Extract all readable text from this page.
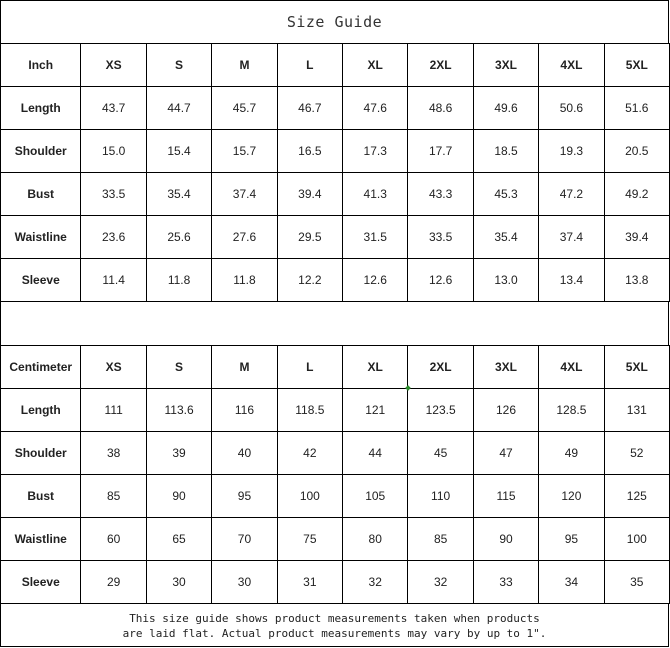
Size Guide
Inch	XS	S	M	L	XL	2XL	3XL	4XL	5XL
Length	43.7	44.7	45.7	46.7	47.6	48.6	49.6	50.6	51.6
Shoulder	15.0	15.4	15.7	16.5	17.3	17.7	18.5	19.3	20.5
Bust	33.5	35.4	37.4	39.4	41.3	43.3	45.3	47.2	49.2
Waistline	23.6	25.6	27.6	29.5	31.5	33.5	35.4	37.4	39.4
Sleeve	11.4	11.8	11.8	12.2	12.6	12.6	13.0	13.4	13.8
Centimeter	XS	S	M	L	XL	2XL	3XL	4XL	5XL
Length	111	113.6	116	118.5	121	123.5	126	128.5	131
Shoulder	38	39	40	42	44	45	47	49	52
Bust	85	90	95	100	105	110	115	120	125
Waistline	60	65	70	75	80	85	90	95	100
Sleeve	29	30	30	31	32	32	33	34	35
This size guide shows product measurements taken when products
are laid flat. Actual product measurements may vary by up to 1".
